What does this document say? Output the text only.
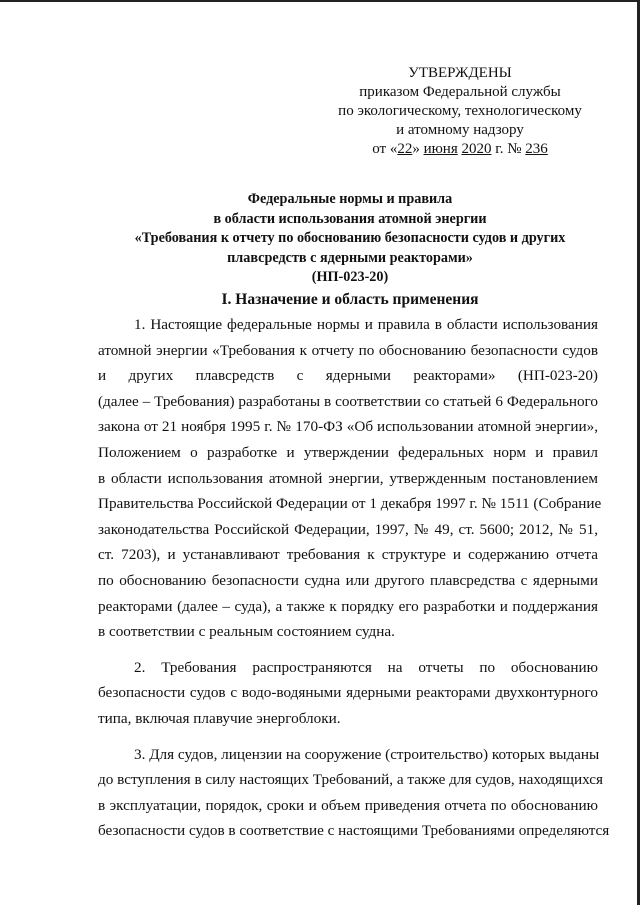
УТВЕРЖДЕНЫ
приказом Федеральной службы
по экологическому, технологическому
и атомному надзору
от «22» июня 2020 г. № 236
Федеральные нормы и правила
в области использования атомной энергии
«Требования к отчету по обоснованию безопасности судов и других
плавсредств с ядерными реакторами»
(НП-023-20)
I. Назначение и область применения
1. Настоящие федеральные нормы и правила в области использования
атомной энергии «Требования к отчету по обоснованию безопасности судов
и других плавсредств с ядерными реакторами» (НП-023-20)
(далее – Требования) разработаны в соответствии со статьей 6 Федерального
закона от 21 ноября 1995 г. № 170-ФЗ «Об использовании атомной энергии»,
Положением о разработке и утверждении федеральных норм и правил
в области использования атомной энергии, утвержденным постановлением
Правительства Российской Федерации от 1 декабря 1997 г. № 1511 (Собрание
законодательства Российской Федерации, 1997, № 49, ст. 5600; 2012, № 51,
ст. 7203), и устанавливают требования к структуре и содержанию отчета
по обоснованию безопасности судна или другого плавсредства с ядерными
реакторами (далее – суда), а также к порядку его разработки и поддержания
в соответствии с реальным состоянием судна.
2. Требования распространяются на отчеты по обоснованию
безопасности судов с водо-водяными ядерными реакторами двухконтурного
типа, включая плавучие энергоблоки.
3. Для судов, лицензии на сооружение (строительство) которых выданы
до вступления в силу настоящих Требований, а также для судов, находящихся
в эксплуатации, порядок, сроки и объем приведения отчета по обоснованию
безопасности судов в соответствие с настоящими Требованиями определяются
